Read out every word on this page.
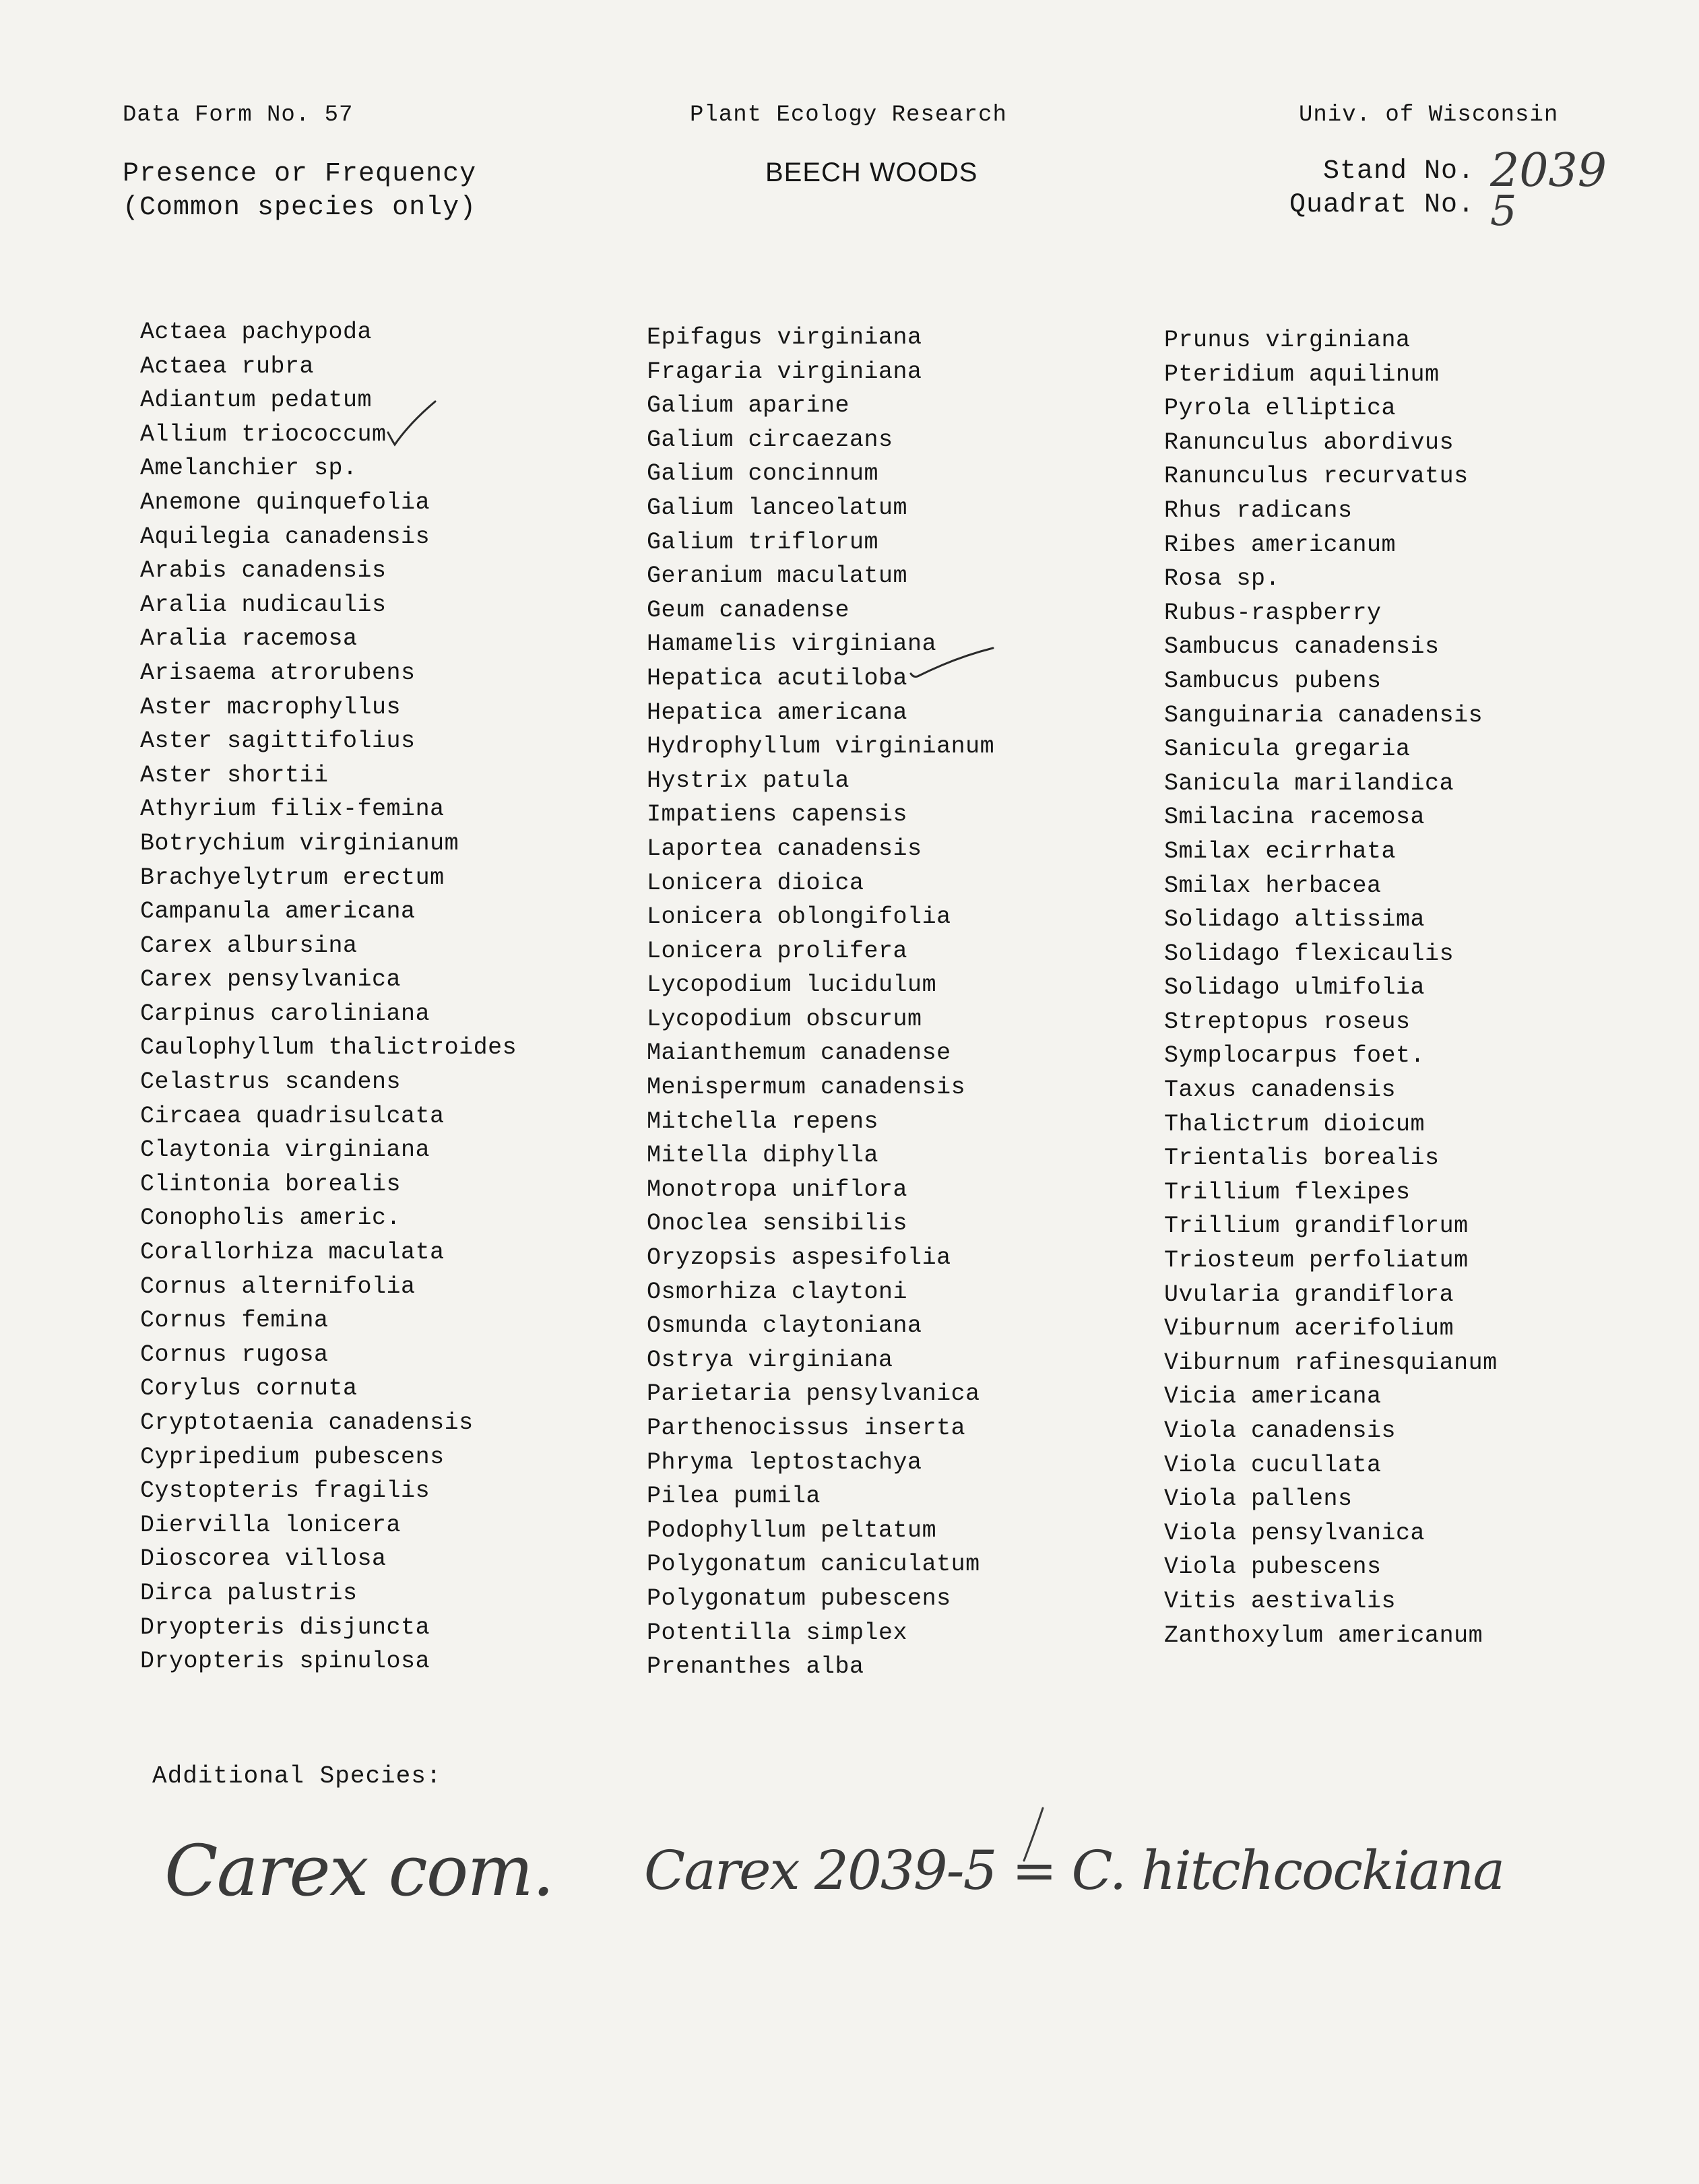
Data Form No. 57	Plant Ecology Research	Univ. of Wisconsin
Presence or Frequency
(Common species only)
BEECH WOODS	Stand No. 2039
Quadrat No. 5
Actaea pachypoda
Actaea rubra
Adiantum pedatum
Allium triococcum
Amelanchier sp.
Anemone quinquefolia
Aquilegia canadensis
Arabis canadensis
Aralia nudicaulis
Aralia racemosa
Arisaema atrorubens
Aster macrophyllus
Aster sagittifolius
Aster shortii
Athyrium filix-femina
Botrychium virginianum
Brachyelytrum erectum
Campanula americana
Carex albursina
Carex pensylvanica
Carpinus caroliniana
Caulophyllum thalictroides
Celastrus scandens
Circaea quadrisulcata
Claytonia virginiana
Clintonia borealis
Conopholis americ.
Corallorhiza maculata
Cornus alternifolia
Cornus femina
Cornus rugosa
Corylus cornuta
Cryptotaenia canadensis
Cypripedium pubescens
Cystopteris fragilis
Diervilla lonicera
Dioscorea villosa
Dirca palustris
Dryopteris disjuncta
Dryopteris spinulosa
Epifagus virginiana
Fragaria virginiana
Galium aparine
Galium circaezans
Galium concinnum
Galium lanceolatum
Galium triflorum
Geranium maculatum
Geum canadense
Hamamelis virginiana
Hepatica acutiloba
Hepatica americana
Hydrophyllum virginianum
Hystrix patula
Impatiens capensis
Laportea canadensis
Lonicera dioica
Lonicera oblongifolia
Lonicera prolifera
Lycopodium lucidulum
Lycopodium obscurum
Maianthemum canadense
Menispermum canadensis
Mitchella repens
Mitella diphylla
Monotropa uniflora
Onoclea sensibilis
Oryzopsis aspesifolia
Osmorhiza claytoni
Osmunda claytoniana
Ostrya virginiana
Parietaria pensylvanica
Parthenocissus inserta
Phryma leptostachya
Pilea pumila
Podophyllum peltatum
Polygonatum caniculatum
Polygonatum pubescens
Potentilla simplex
Prenanthes alba
Prunus virginiana
Pteridium aquilinum
Pyrola elliptica
Ranunculus abordivus
Ranunculus recurvatus
Rhus radicans
Ribes americanum
Rosa sp.
Rubus-raspberry
Sambucus canadensis
Sambucus pubens
Sanguinaria canadensis
Sanicula gregaria
Sanicula marilandica
Smilacina racemosa
Smilax ecirrhata
Smilax herbacea
Solidago altissima
Solidago flexicaulis
Solidago ulmifolia
Streptopus roseus
Symplocarpus foet.
Taxus canadensis
Thalictrum dioicum
Trientalis borealis
Trillium flexipes
Trillium grandiflorum
Triosteum perfoliatum
Uvularia grandiflora
Viburnum acerifolium
Viburnum rafinesquianum
Vicia americana
Viola canadensis
Viola cucullata
Viola pallens
Viola pensylvanica
Viola pubescens
Vitis aestivalis
Zanthoxylum americanum
Additional Species:
Carex com. Carex 2039-5 = C. hitchcockiana
